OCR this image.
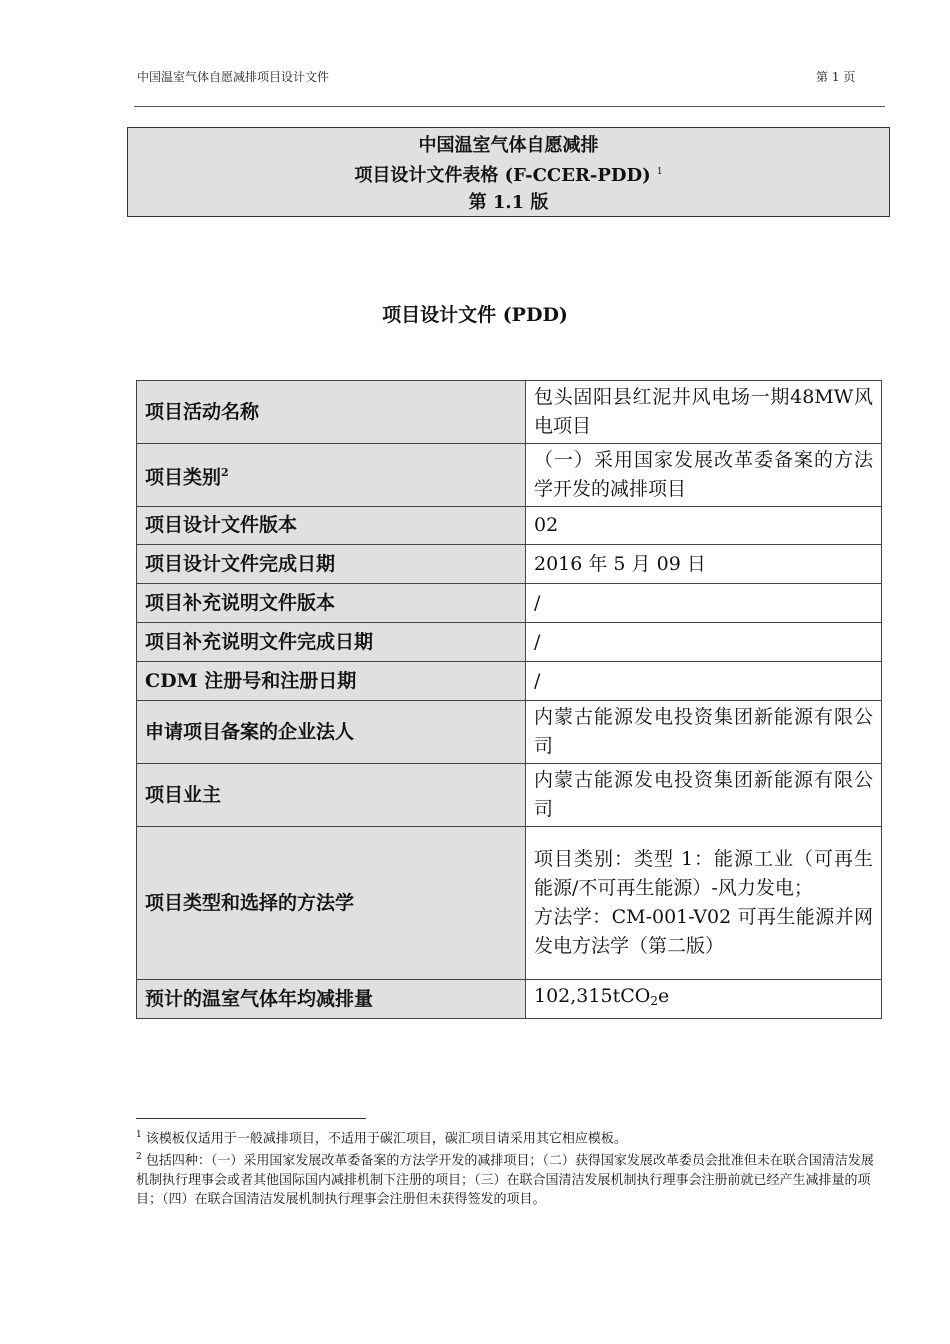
中国温室气体自愿减排项目设计文件	第 1 页
中国温室气体自愿减排
项目设计文件表格 (F-CCER-PDD) $^1$
第 1.1 版
项目设计文件 (PDD)
项目活动名称	包头固阳县红泥井风电场一期48MW风电项目
项目类别$^2$	（一）采用国家发展改革委备案的方法学开发的减排项目
项目设计文件版本	02
项目设计文件完成日期	2016 年 5 月 09 日
项目补充说明文件版本	/
项目补充说明文件完成日期	/
CDM 注册号和注册日期	/
申请项目备案的企业法人	内蒙古能源发电投资集团新能源有限公司
项目业主	内蒙古能源发电投资集团新能源有限公司
项目类型和选择的方法学	项目类别：类型 1：能源工业（可再生能源/不可再生能源）-风力发电；
方法学：CM-001-V02 可再生能源并网发电方法学（第二版）

预计的温室气体年均减排量	102,315tCO$_2$e

$^1$ 该模板仅适用于一般减排项目，不适用于碳汇项目，碳汇项目请采用其它相应模板。

$^2$ 包括四种：（一）采用国家发展改革委备案的方法学开发的减排项目；（二）获得国家发展改革委员会批准但未在联合国清洁发展机制执行理事会或者其他国际国内减排机制下注册的项目；（三）在联合国清洁发展机制执行理事会注册前就已经产生减排量的项目；（四）在联合国清洁发展机制执行理事会注册但未获得签发的项目。
